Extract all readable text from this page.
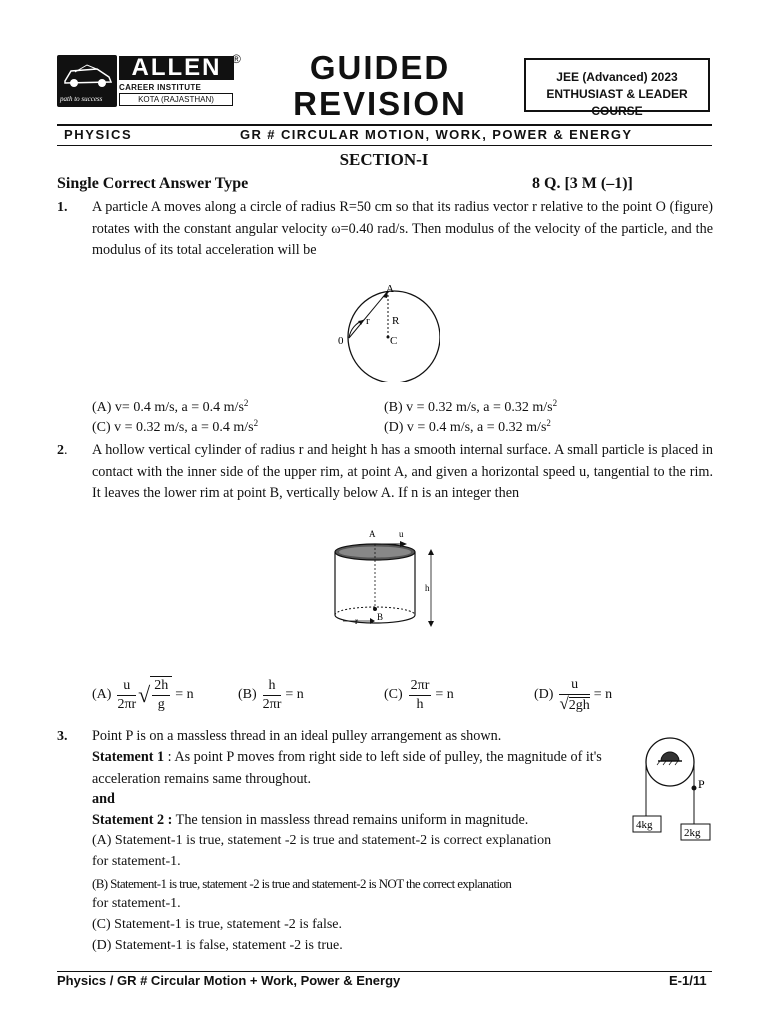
path to success
ALLEN
CAREER INSTITUTE
KOTA (RAJASTHAN)
®	GUIDED
REVISION
JEE (Advanced) 2023
ENTHUSIAST & LEADER COURSE
PHYSICS	GR # CIRCULAR MOTION, WORK, POWER & ENERGY
SECTION-I
Single Correct Answer Type	8 Q. [3 M (–1)]
1. A particle A moves along a circle of radius R=50 cm so that its radius vector r relative to the point O (figure) rotates with the constant angular velocity ω=0.40 rad/s. Then modulus of the velocity of the particle, and the modulus of its total acceleration will be
A
r R
0	C
(A) v= 0.4 m/s, a = 0.4 $m/s^2$	(B) v = 0.32 m/s, a = 0.32 $m/s^2$
(C) v = 0.32 m/s, a = 0.4 $m/s^2$	(D) v = 0.4 m/s, a = 0.32 $m/s^2$
2. A hollow vertical cylinder of radius r and height h has a smooth internal surface. A small particle is placed in contact with the inner side of the upper rim, at point A, and given a horizontal speed u, tangential to the rim. It leaves the lower rim at point B, vertically below A. If n is an integer then
A	u
h
r B
$(A) \frac{u}{2\pi r}$ √ $\frac{2h}{g} = n$	$(B) \frac{h}{2\pi r} = n$	$(C) \frac{2\pi r}{h} = n$	$(D) \frac{u}{√2gh} = n$
3. Point P is on a massless thread in an ideal pulley arrangement as shown.
Statement 1 : As point P moves from right side to left side of pulley, the magnitude of it's acceleration remains same throughout.
and
Statement 2 : The tension in massless thread remains uniform in magnitude.
(A) Statement-1 is true, statement -2 is true and statement-2 is correct explanation
for statement-1.
(B) Statement-1 is true, statement -2 is true and statement-2 is NOT the correct explanation
for statement-1.
(C) Statement-1 is true, statement -2 is false.
(D) Statement-1 is false, statement -2 is true.
P
4kg
2kg
Physics / GR # Circular Motion + Work, Power & Energy	E-1/11
